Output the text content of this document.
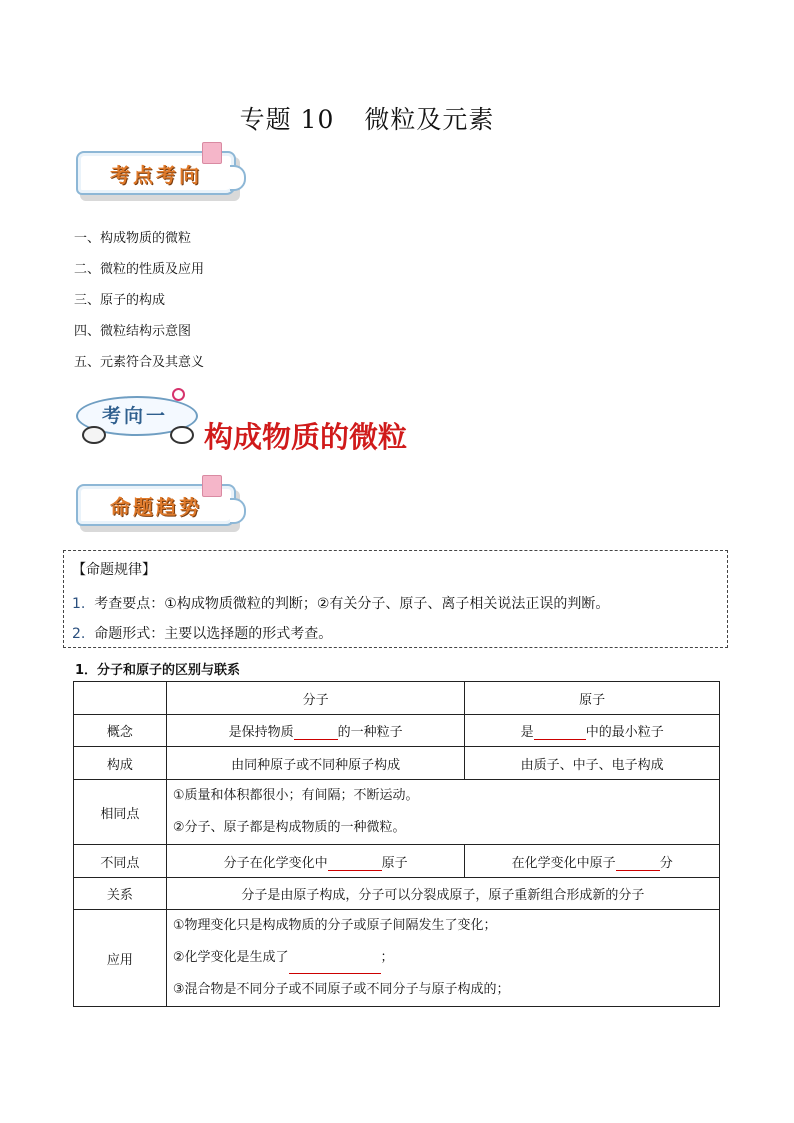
专题 10 微粒及元素
考点考向
一、构成物质的微粒
二、微粒的性质及应用
三、原子的构成
四、微粒结构示意图
五、元素符合及其意义
考向一
构成物质的微粒
命题趋势
【命题规律】
1. 考查要点：①构成物质微粒的判断；②有关分子、原子、离子相关说法正误的判断。
2. 命题形式：主要以选择题的形式考查。
1．分子和原子的区别与联系
	分子	原子
概念	是保持物质 的一种粒子	是 中的最小粒子
构成	由同种原子或不同种原子构成	由质子、中子、电子构成
相同点	①质量和体积都很小；有间隔；不断运动。
②分子、原子都是构成物质的一种微粒。	

不同点	分子在化学变化中 原子	在化学变化中原子 分
关系	分子是由原子构成，分子可以分裂成原子，原子重新组合形成新的分子	
应用	①物理变化只是构成物质的分子或原子间隔发生了变化；
②化学变化是生成了 ；
③混合物是不同分子或不同原子或不同分子与原子构成的；	
